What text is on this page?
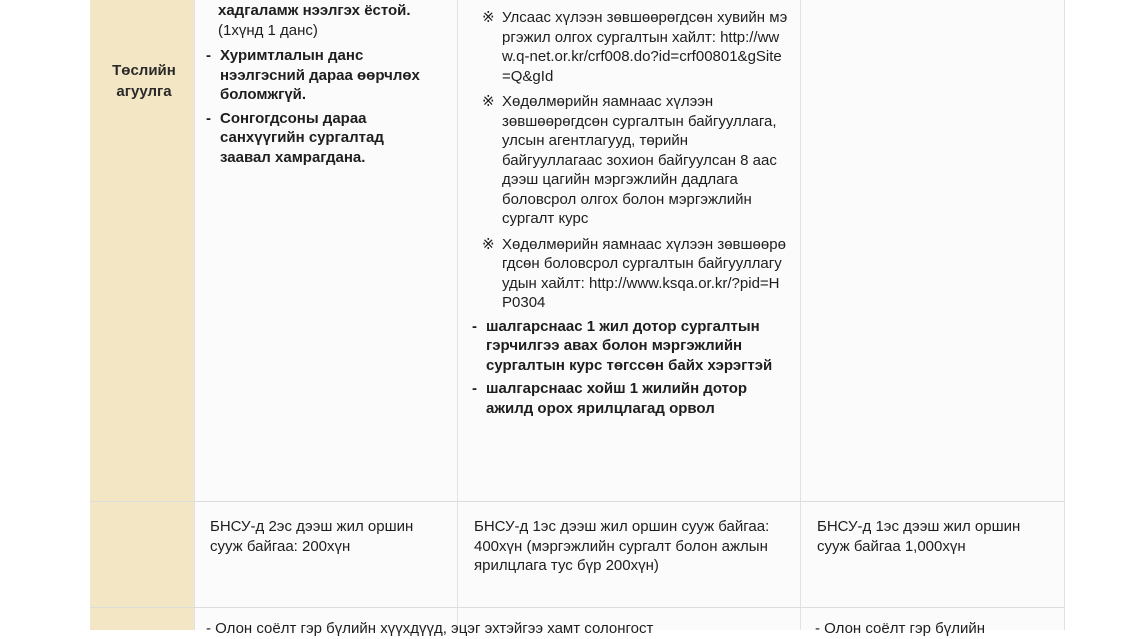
Төслийн агуулга
хадгаламж нээлгэх ёстой.
(1хүнд 1 данс)
- Хуримтлалын данс нээлгэсний дараа өөрчлөх боломжгүй.
- Сонгогдсоны дараа санхүүгийн сургалтад заавал хамрагдана.
※ Улсаас хүлээн зөвшөөрөгдсөн хувийн мэргэжил олгох сургалтын хайлт: http://www.q-net.or.kr/crf008.do?id=crf00801&gSite=Q&gId
※ Хөдөлмөрийн яамнаас хүлээн зөвшөөрөгдсөн сургалтын байгууллага, улсын агентлагууд, төрийн байгууллагаас зохион байгуулсан 8 аас дээш цагийн мэргэжлийн дадлага боловсрол олгох болон мэргэжлийн сургалт курс
※ Хөдөлмөрийн яамнаас хүлээн зөвшөөрөгдсөн боловсрол сургалтын байгууллагуудын хайлт: http://www.ksqa.or.kr/?pid=HP0304
- шалгарснаас 1 жил дотор сургалтын гэрчилгээ авах болон мэргэжлийн сургалтын курс төгссөн байх хэрэгтэй
- шалгарснаас хойш 1 жилийн дотор ажилд орох ярилцлагад орвол
БНСУ-д 2эс дээш жил оршин сууж байгаа: 200хүн
БНСУ-д 1эс дээш жил оршин сууж байгаа: 400хүн (мэргэжлийн сургалт болон ажлын ярилцлага тус бүр 200хүн)
БНСУ-д 1эс дээш жил оршин сууж байгаа 1,000хүн
- Олон соёлт гэр бүлийн хүүхдүүд, эцэг эхтэйгээ хамт солонгост	- Олон соёлт гэр бүлийн
